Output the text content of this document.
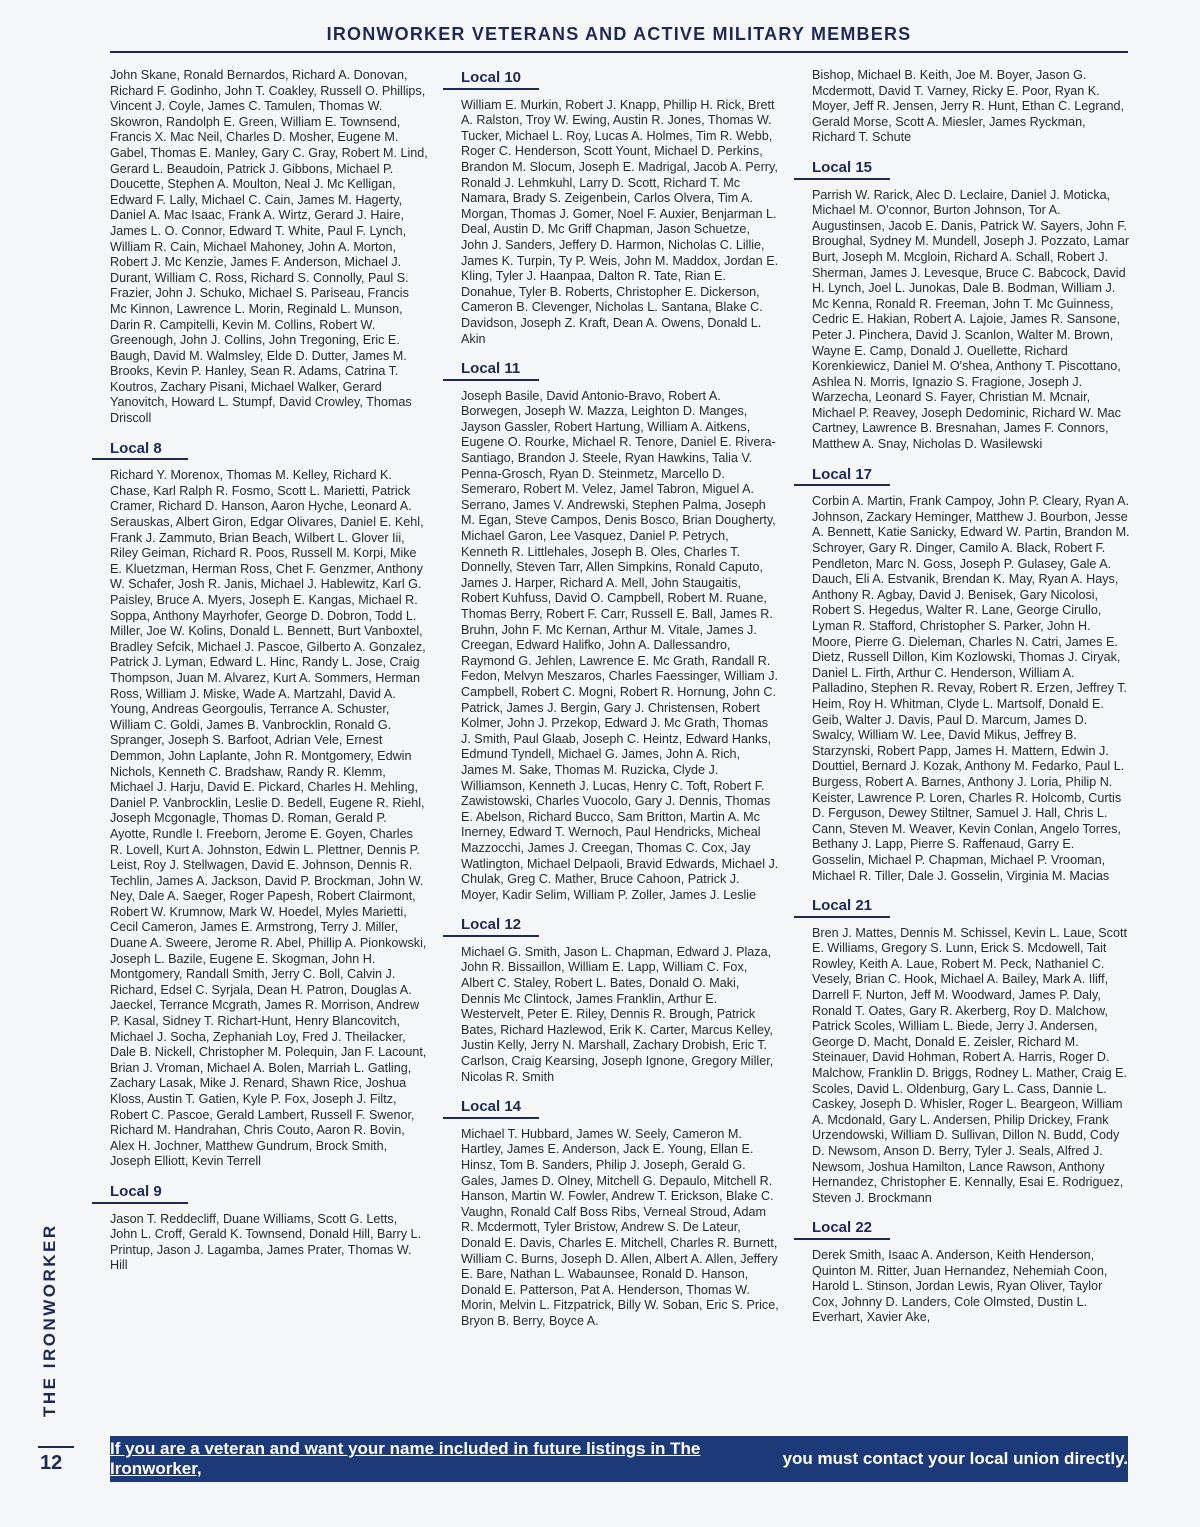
IRONWORKER VETERANS AND ACTIVE MILITARY MEMBERS

John Skane, Ronald Bernardos, Richard A. Donovan, Richard F. Godinho, John T. Coakley, Russell O. Phillips, Vincent J. Coyle, James C. Tamulen, Thomas W. Skowron, Randolph E. Green, William E. Townsend, Francis X. Mac Neil, Charles D. Mosher, Eugene M. Gabel, Thomas E. Manley, Gary C. Gray, Robert M. Lind, Gerard L. Beaudoin, Patrick J. Gibbons, Michael P. Doucette, Stephen A. Moulton, Neal J. Mc Kelligan, Edward F. Lally, Michael C. Cain, James M. Hagerty, Daniel A. Mac Isaac, Frank A. Wirtz, Gerard J. Haire, James L. O. Connor, Edward T. White, Paul F. Lynch, William R. Cain, Michael Mahoney, John A. Morton, Robert J. Mc Kenzie, James F. Anderson, Michael J. Durant, William C. Ross, Richard S. Connolly, Paul S. Frazier, John J. Schuko, Michael S. Pariseau, Francis Mc Kinnon, Lawrence L. Morin, Reginald L. Munson, Darin R. Campitelli, Kevin M. Collins, Robert W. Greenough, John J. Collins, John Tregoning, Eric E. Baugh, David M. Walmsley, Elde D. Dutter, James M. Brooks, Kevin P. Hanley, Sean R. Adams, Catrina T. Koutros, Zachary Pisani, Michael Walker, Gerard Yanovitch, Howard L. Stumpf, David Crowley, Thomas Driscoll

Local 8

Richard Y. Morenox, Thomas M. Kelley, Richard K. Chase, Karl Ralph R. Fosmo, Scott L. Marietti, Patrick Cramer, Richard D. Hanson, Aaron Hyche, Leonard A. Serauskas, Albert Giron, Edgar Olivares, Daniel E. Kehl, Frank J. Zammuto, Brian Beach, Wilbert L. Glover Iii, Riley Geiman, Richard R. Poos, Russell M. Korpi, Mike E. Kluetzman, Herman Ross, Chet F. Genzmer, Anthony W. Schafer, Josh R. Janis, Michael J. Hablewitz, Karl G. Paisley, Bruce A. Myers, Joseph E. Kangas, Michael R. Soppa, Anthony Mayrhofer, George D. Dobron, Todd L. Miller, Joe W. Kolins, Donald L. Bennett, Burt Vanboxtel, Bradley Sefcik, Michael J. Pascoe, Gilberto A. Gonzalez, Patrick J. Lyman, Edward L. Hinc, Randy L. Jose, Craig Thompson, Juan M. Alvarez, Kurt A. Sommers, Herman Ross, William J. Miske, Wade A. Martzahl, David A. Young, Andreas Georgoulis, Terrance A. Schuster, William C. Goldi, James B. Vanbrocklin, Ronald G. Spranger, Joseph S. Barfoot, Adrian Vele, Ernest Demmon, John Laplante, John R. Montgomery, Edwin Nichols, Kenneth C. Bradshaw, Randy R. Klemm, Michael J. Harju, David E. Pickard, Charles H. Mehling, Daniel P. Vanbrocklin, Leslie D. Bedell, Eugene R. Riehl, Joseph Mcgonagle, Thomas D. Roman, Gerald P. Ayotte, Rundle I. Freeborn, Jerome E. Goyen, Charles R. Lovell, Kurt A. Johnston, Edwin L. Plettner, Dennis P. Leist, Roy J. Stellwagen, David E. Johnson, Dennis R. Techlin, James A. Jackson, David P. Brockman, John W. Ney, Dale A. Saeger, Roger Papesh, Robert Clairmont, Robert W. Krumnow, Mark W. Hoedel, Myles Marietti, Cecil Cameron, James E. Armstrong, Terry J. Miller, Duane A. Sweere, Jerome R. Abel, Phillip A. Pionkowski, Joseph L. Bazile, Eugene E. Skogman, John H. Montgomery, Randall Smith, Jerry C. Boll, Calvin J. Richard, Edsel C. Syrjala, Dean H. Patron, Douglas A. Jaeckel, Terrance Mcgrath, James R. Morrison, Andrew P. Kasal, Sidney T. Richart-Hunt, Henry Blancovitch, Michael J. Socha, Zephaniah Loy, Fred J. Theilacker, Dale B. Nickell, Christopher M. Polequin, Jan F. Lacount, Brian J. Vroman, Michael A. Bolen, Marriah L. Gatling, Zachary Lasak, Mike J. Renard, Shawn Rice, Joshua Kloss, Austin T. Gatien, Kyle P. Fox, Joseph J. Filtz, Robert C. Pascoe, Gerald Lambert, Russell F. Swenor, Richard M. Handrahan, Chris Couto, Aaron R. Bovin, Alex H. Jochner, Matthew Gundrum, Brock Smith, Joseph Elliott, Kevin Terrell

Local 9

Jason T. Reddecliff, Duane Williams, Scott G. Letts, John L. Croff, Gerald K. Townsend, Donald Hill, Barry L. Printup, Jason J. Lagamba, James Prater, Thomas W. Hill

Local 10

William E. Murkin, Robert J. Knapp, Phillip H. Rick, Brett A. Ralston, Troy W. Ewing, Austin R. Jones, Thomas W. Tucker, Michael L. Roy, Lucas A. Holmes, Tim R. Webb, Roger C. Henderson, Scott Yount, Michael D. Perkins, Brandon M. Slocum, Joseph E. Madrigal, Jacob A. Perry, Ronald J. Lehmkuhl, Larry D. Scott, Richard T. Mc Namara, Brady S. Zeigenbein, Carlos Olvera, Tim A. Morgan, Thomas J. Gomer, Noel F. Auxier, Benjarman L. Deal, Austin D. Mc Griff Chapman, Jason Schuetze, John J. Sanders, Jeffery D. Harmon, Nicholas C. Lillie, James K. Turpin, Ty P. Weis, John M. Maddox, Jordan E. Kling, Tyler J. Haanpaa, Dalton R. Tate, Rian E. Donahue, Tyler B. Roberts, Christopher E. Dickerson, Cameron B. Clevenger, Nicholas L. Santana, Blake C. Davidson, Joseph Z. Kraft, Dean A. Owens, Donald L. Akin

Local 11

Joseph Basile, David Antonio-Bravo, Robert A. Borwegen, Joseph W. Mazza, Leighton D. Manges, Jayson Gassler, Robert Hartung, William A. Aitkens, Eugene O. Rourke, Michael R. Tenore, Daniel E. Rivera-Santiago, Brandon J. Steele, Ryan Hawkins, Talia V. Penna-Grosch, Ryan D. Steinmetz, Marcello D. Semeraro, Robert M. Velez, Jamel Tabron, Miguel A. Serrano, James V. Andrewski, Stephen Palma, Joseph M. Egan, Steve Campos, Denis Bosco, Brian Dougherty, Michael Garon, Lee Vasquez, Daniel P. Petrych, Kenneth R. Littlehales, Joseph B. Oles, Charles T. Donnelly, Steven Tarr, Allen Simpkins, Ronald Caputo, James J. Harper, Richard A. Mell, John Staugaitis, Robert Kuhfuss, David O. Campbell, Robert M. Ruane, Thomas Berry, Robert F. Carr, Russell E. Ball, James R. Bruhn, John F. Mc Kernan, Arthur M. Vitale, James J. Creegan, Edward Halifko, John A. Dallessandro, Raymond G. Jehlen, Lawrence E. Mc Grath, Randall R. Fedon, Melvyn Meszaros, Charles Faessinger, William J. Campbell, Robert C. Mogni, Robert R. Hornung, John C. Patrick, James J. Bergin, Gary J. Christensen, Robert Kolmer, John J. Przekop, Edward J. Mc Grath, Thomas J. Smith, Paul Glaab, Joseph C. Heintz, Edward Hanks, Edmund Tyndell, Michael G. James, John A. Rich, James M. Sake, Thomas M. Ruzicka, Clyde J. Williamson, Kenneth J. Lucas, Henry C. Toft, Robert F. Zawistowski, Charles Vuocolo, Gary J. Dennis, Thomas E. Abelson, Richard Bucco, Sam Britton, Martin A. Mc Inerney, Edward T. Wernoch, Paul Hendricks, Micheal Mazzocchi, James J. Creegan, Thomas C. Cox, Jay Watlington, Michael Delpaoli, Bravid Edwards, Michael J. Chulak, Greg C. Mather, Bruce Cahoon, Patrick J. Moyer, Kadir Selim, William P. Zoller, James J. Leslie

Local 12

Michael G. Smith, Jason L. Chapman, Edward J. Plaza, John R. Bissaillon, William E. Lapp, William C. Fox, Albert C. Staley, Robert L. Bates, Donald O. Maki, Dennis Mc Clintock, James Franklin, Arthur E. Westervelt, Peter E. Riley, Dennis R. Brough, Patrick Bates, Richard Hazlewod, Erik K. Carter, Marcus Kelley, Justin Kelly, Jerry N. Marshall, Zachary Drobish, Eric T. Carlson, Craig Kearsing, Joseph Ignone, Gregory Miller, Nicolas R. Smith

Local 14

Michael T. Hubbard, James W. Seely, Cameron M. Hartley, James E. Anderson, Jack E. Young, Ellan E. Hinsz, Tom B. Sanders, Philip J. Joseph, Gerald G. Gales, James D. Olney, Mitchell G. Depaulo, Mitchell R. Hanson, Martin W. Fowler, Andrew T. Erickson, Blake C. Vaughn, Ronald Calf Boss Ribs, Verneal Stroud, Adam R. Mcdermott, Tyler Bristow, Andrew S. De Lateur, Donald E. Davis, Charles E. Mitchell, Charles R. Burnett, William C. Burns, Joseph D. Allen, Albert A. Allen, Jeffery E. Bare, Nathan L. Wabaunsee, Ronald D. Hanson, Donald E. Patterson, Pat A. Henderson, Thomas W. Morin, Melvin L. Fitzpatrick, Billy W. Soban, Eric S. Price, Bryon B. Berry, Boyce A.

Bishop, Michael B. Keith, Joe M. Boyer, Jason G. Mcdermott, David T. Varney, Ricky E. Poor, Ryan K. Moyer, Jeff R. Jensen, Jerry R. Hunt, Ethan C. Legrand, Gerald Morse, Scott A. Miesler, James Ryckman, Richard T. Schute

Local 15

Parrish W. Rarick, Alec D. Leclaire, Daniel J. Moticka, Michael M. O'connor, Burton Johnson, Tor A. Augustinsen, Jacob E. Danis, Patrick W. Sayers, John F. Broughal, Sydney M. Mundell, Joseph J. Pozzato, Lamar Burt, Joseph M. Mcgloin, Richard A. Schall, Robert J. Sherman, James J. Levesque, Bruce C. Babcock, David H. Lynch, Joel L. Junokas, Dale B. Bodman, William J. Mc Kenna, Ronald R. Freeman, John T. Mc Guinness, Cedric E. Hakian, Robert A. Lajoie, James R. Sansone, Peter J. Pinchera, David J. Scanlon, Walter M. Brown, Wayne E. Camp, Donald J. Ouellette, Richard Korenkiewicz, Daniel M. O'shea, Anthony T. Piscottano, Ashlea N. Morris, Ignazio S. Fragione, Joseph J. Warzecha, Leonard S. Fayer, Christian M. Mcnair, Michael P. Reavey, Joseph Dedominic, Richard W. Mac Cartney, Lawrence B. Bresnahan, James F. Connors, Matthew A. Snay, Nicholas D. Wasilewski

Local 17

Corbin A. Martin, Frank Campoy, John P. Cleary, Ryan A. Johnson, Zackary Heminger, Matthew J. Bourbon, Jesse A. Bennett, Katie Sanicky, Edward W. Partin, Brandon M. Schroyer, Gary R. Dinger, Camilo A. Black, Robert F. Pendleton, Marc N. Goss, Joseph P. Gulasey, Gale A. Dauch, Eli A. Estvanik, Brendan K. May, Ryan A. Hays, Anthony R. Agbay, David J. Benisek, Gary Nicolosi, Robert S. Hegedus, Walter R. Lane, George Cirullo, Lyman R. Stafford, Christopher S. Parker, John H. Moore, Pierre G. Dieleman, Charles N. Catri, James E. Dietz, Russell Dillon, Kim Kozlowski, Thomas J. Ciryak, Daniel L. Firth, Arthur C. Henderson, William A. Palladino, Stephen R. Revay, Robert R. Erzen, Jeffrey T. Heim, Roy H. Whitman, Clyde L. Martsolf, Donald E. Geib, Walter J. Davis, Paul D. Marcum, James D. Swalcy, William W. Lee, David Mikus, Jeffrey B. Starzynski, Robert Papp, James H. Mattern, Edwin J. Douttiel, Bernard J. Kozak, Anthony M. Fedarko, Paul L. Burgess, Robert A. Barnes, Anthony J. Loria, Philip N. Keister, Lawrence P. Loren, Charles R. Holcomb, Curtis D. Ferguson, Dewey Stiltner, Samuel J. Hall, Chris L. Cann, Steven M. Weaver, Kevin Conlan, Angelo Torres, Bethany J. Lapp, Pierre S. Raffenaud, Garry E. Gosselin, Michael P. Chapman, Michael P. Vrooman, Michael R. Tiller, Dale J. Gosselin, Virginia M. Macias

Local 21

Bren J. Mattes, Dennis M. Schissel, Kevin L. Laue, Scott E. Williams, Gregory S. Lunn, Erick S. Mcdowell, Tait Rowley, Keith A. Laue, Robert M. Peck, Nathaniel C. Vesely, Brian C. Hook, Michael A. Bailey, Mark A. Iliff, Darrell F. Nurton, Jeff M. Woodward, James P. Daly, Ronald T. Oates, Gary R. Akerberg, Roy D. Malchow, Patrick Scoles, William L. Biede, Jerry J. Andersen, George D. Macht, Donald E. Zeisler, Richard M. Steinauer, David Hohman, Robert A. Harris, Roger D. Malchow, Franklin D. Briggs, Rodney L. Mather, Craig E. Scoles, David L. Oldenburg, Gary L. Cass, Dannie L. Caskey, Joseph D. Whisler, Roger L. Beargeon, William A. Mcdonald, Gary L. Andersen, Philip Drickey, Frank Urzendowski, William D. Sullivan, Dillon N. Budd, Cody D. Newsom, Anson D. Berry, Tyler J. Seals, Alfred J. Newsom, Joshua Hamilton, Lance Rawson, Anthony Hernandez, Christopher E. Kennally, Esai E. Rodriguez, Steven J. Brockmann

Local 22

Derek Smith, Isaac A. Anderson, Keith Henderson, Quinton M. Ritter, Juan Hernandez, Nehemiah Coon, Harold L. Stinson, Jordan Lewis, Ryan Oliver, Taylor Cox, Johnny D. Landers, Cole Olmsted, Dustin L. Everhart, Xavier Ake,

THE IRONWORKER
12
If you are a veteran and want your name included in future listings in The Ironworker,
you must contact your local union directly.
